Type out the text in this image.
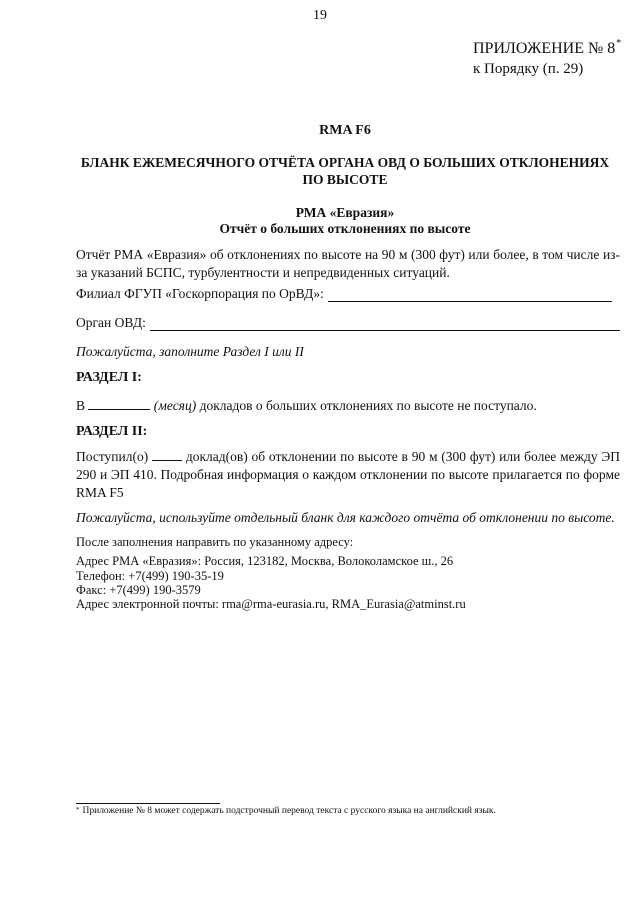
19
ПРИЛОЖЕНИЕ № 8*
к Порядку (п. 29)
RMA F6
БЛАНК ЕЖЕМЕСЯЧНОГО ОТЧЁТА ОРГАНА ОВД О БОЛЬШИХ ОТКЛОНЕНИЯХ
ПО ВЫСОТЕ
РМА «Евразия»
Отчёт о больших отклонениях по высоте
Отчёт РМА «Евразия» об отклонениях по высоте на 90 м (300 фут) или более, в том числе из-за указаний БСПС, турбулентности и непредвиденных ситуаций.
Филиал ФГУП «Госкорпорация по ОрВД»:
Орган ОВД:
Пожалуйста, заполните Раздел I или II
РАЗДЕЛ I:
В	(месяц) докладов о больших отклонениях по высоте не поступало.
РАЗДЕЛ II:
Поступил(о)	доклад(ов) об отклонении по высоте в 90 м (300 фут) или более между ЭП 290 и ЭП 410. Подробная информация о каждом отклонении по высоте прилагается по форме RMA F5
Пожалуйста, используйте отдельный бланк для каждого отчёта об отклонении по высоте.
После заполнения направить по указанному адресу:
Адрес РМА «Евразия»: Россия, 123182, Москва, Волоколамское ш., 26
Телефон: +7(499) 190-35-19
Факс: +7(499) 190-3579
Адрес электронной почты: rma@rma-eurasia.ru, RMA_Eurasia@atminst.ru
* Приложение № 8 может содержать подстрочный перевод текста с русского языка на английский язык.
